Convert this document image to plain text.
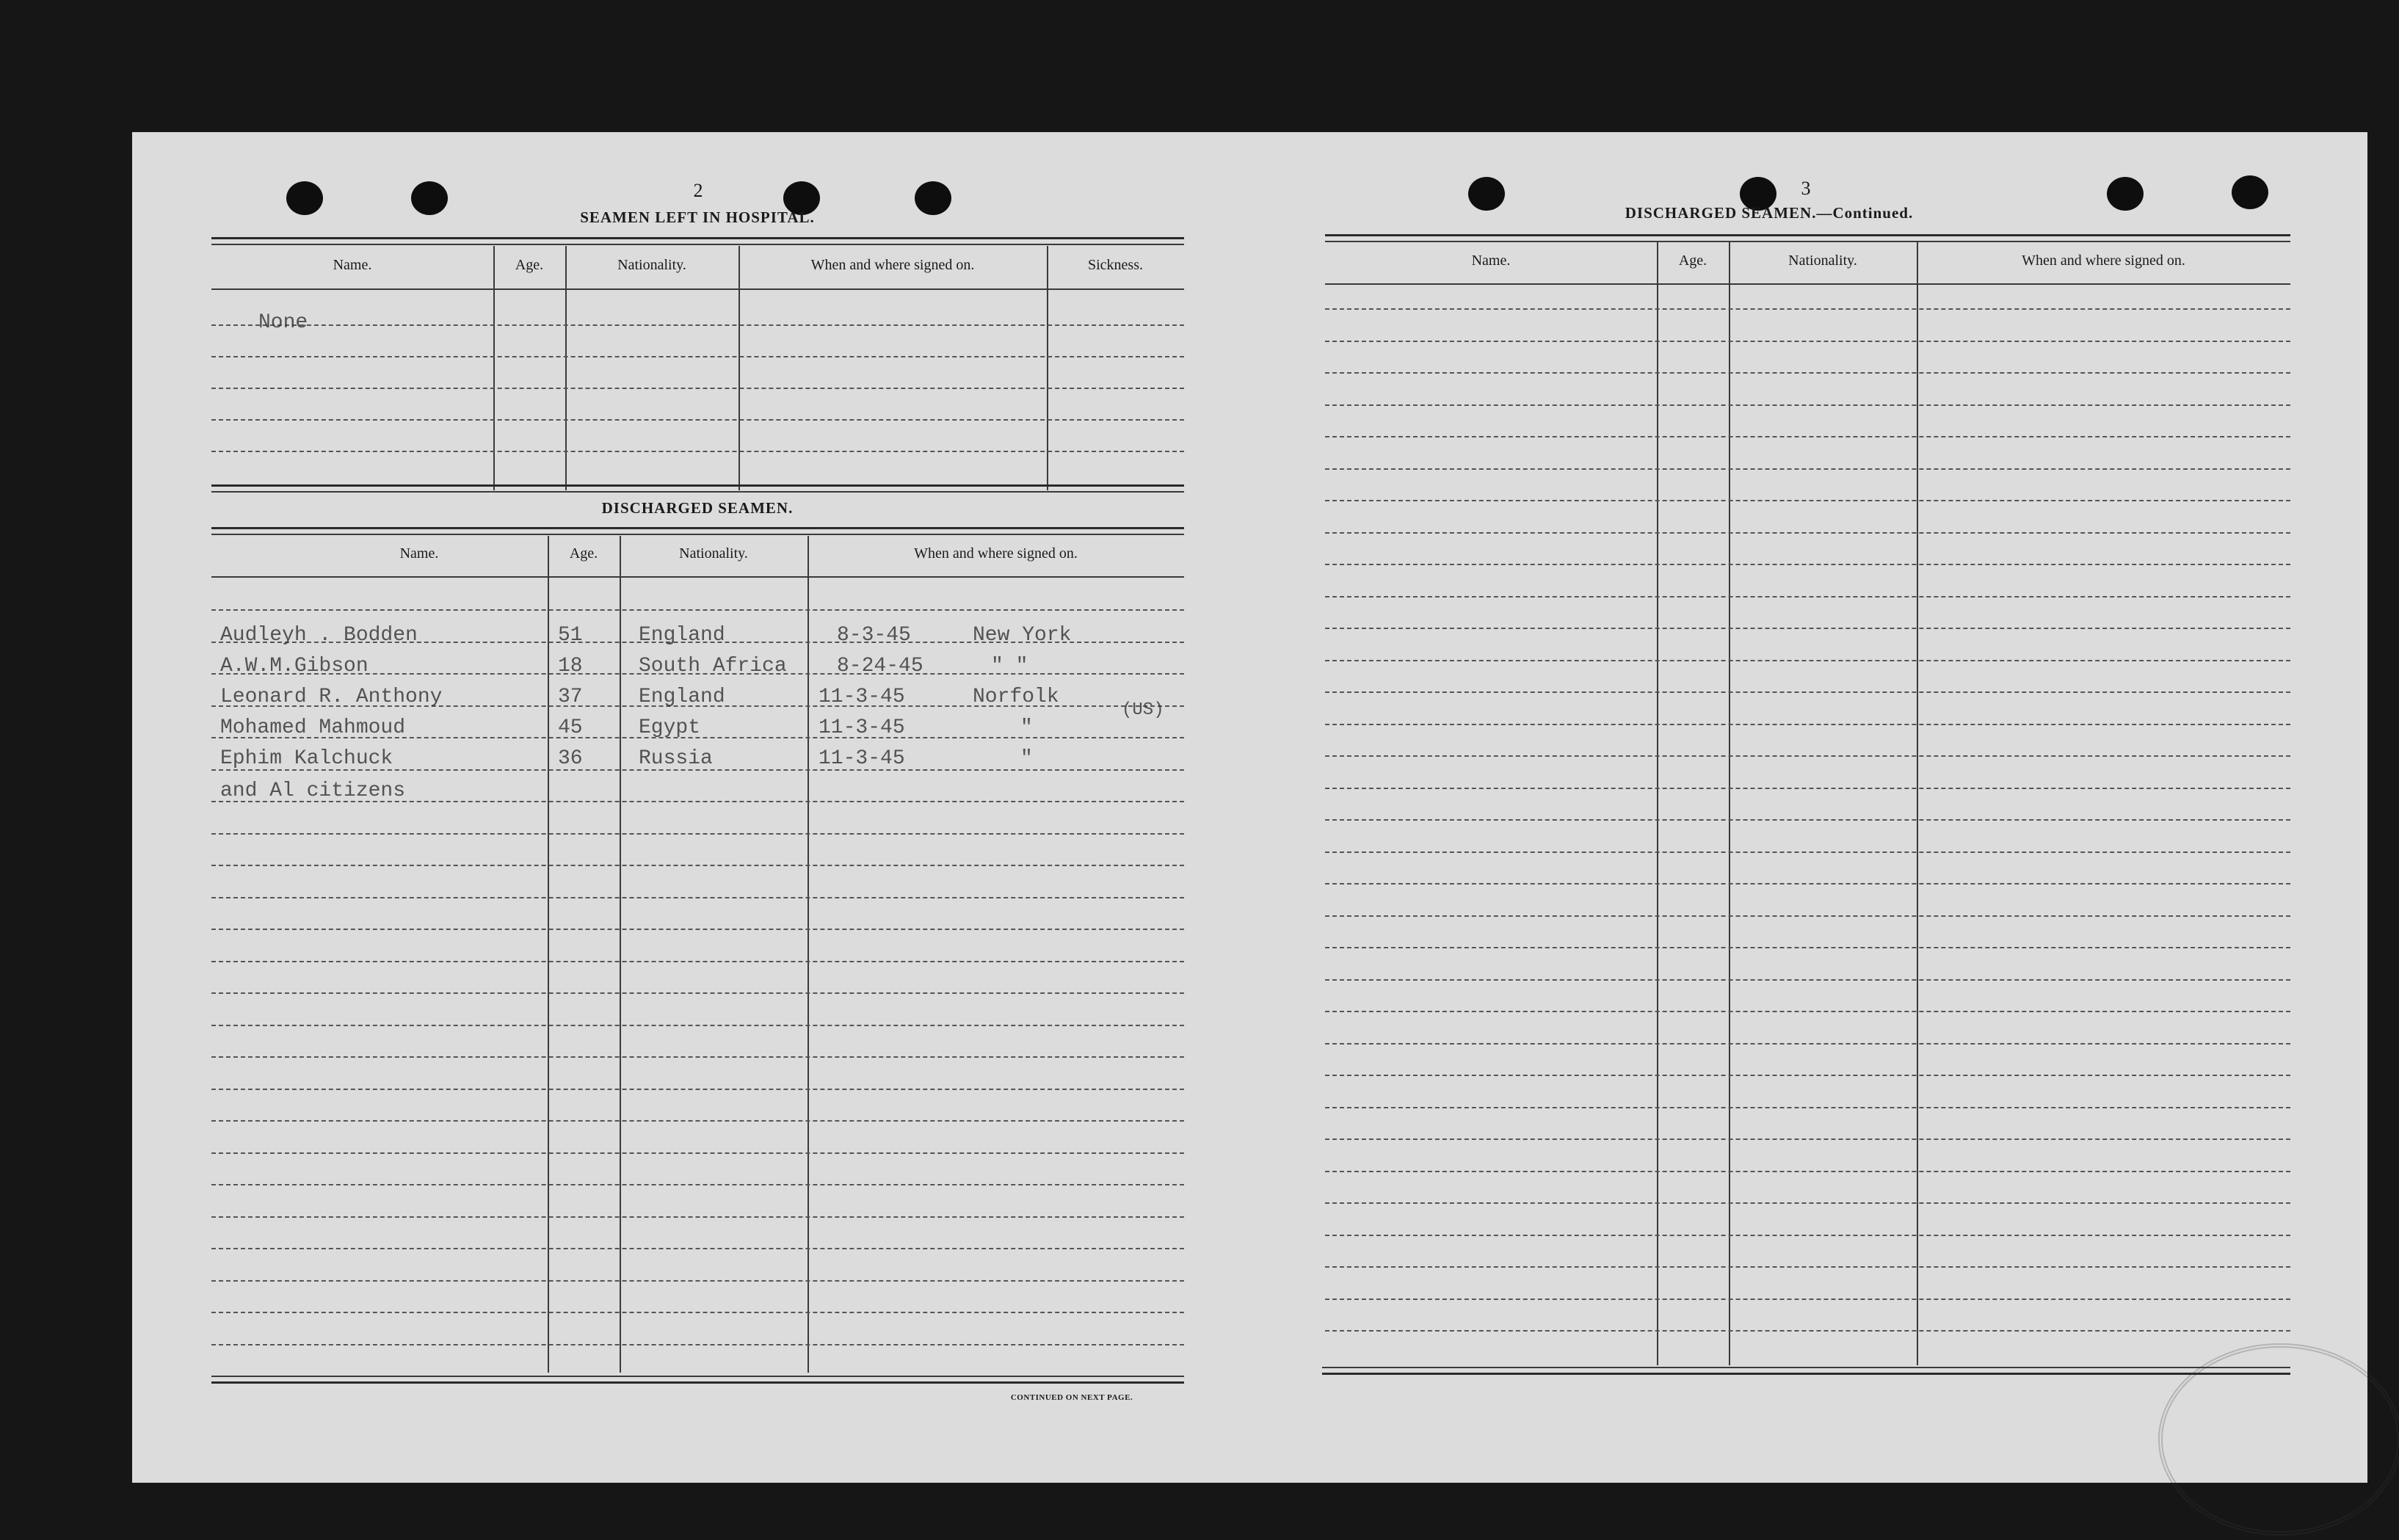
2
SEAMEN LEFT IN HOSPITAL.
Name.	Age.	Nationality.	When and where signed on.	Sickness.
None
DISCHARGED SEAMEN.
Name.	Age.	Nationality.	When and where signed on.
Audleyh . Bodden	51	England	8-3-45	New York
A.W.M.Gibson	18	South Africa 8-24-45	" "
Leonard R. Anthony	37	England	11-3-45	Norfolk
Mohamed Mahmoud	45	Egypt	11-3-45	"
Ephim Kalchuck	36	Russia	11-3-45	"
and Al citizens
(US)
CONTINUED ON NEXT PAGE.
3
DISCHARGED SEAMEN.—Continued.
Name.	Age.	Nationality.	When and where signed on.
